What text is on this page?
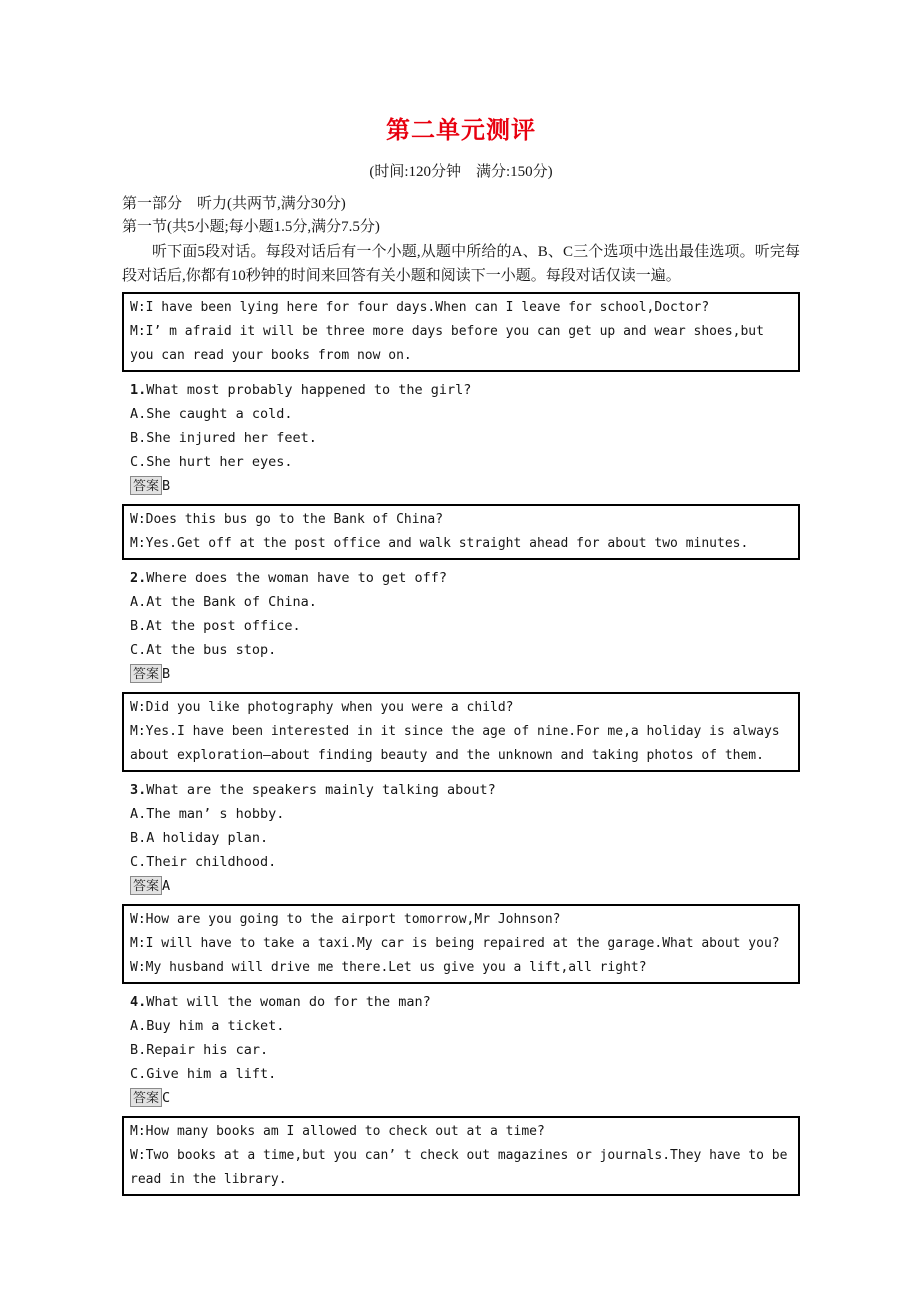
第二单元测评

(时间:120分钟　满分:150分)

第一部分　听力(共两节,满分30分)

第一节(共5小题;每小题1.5分,满分7.5分)

听下面5段对话。每段对话后有一个小题,从题中所给的A、B、C三个选项中选出最佳选项。听完每段对话后,你都有10秒钟的时间来回答有关小题和阅读下一小题。每段对话仅读一遍。

W:I have been lying here for four days.When can I leave for school,Doctor?

M:I’ m afraid it will be three more days before you can get up and wear shoes,but you can read your books from now on.

1.What most probably happened to the girl?

A.She caught a cold.

B.She injured her feet.

C.She hurt her eyes.

答案 B

W:Does this bus go to the Bank of China?

M:Yes.Get off at the post office and walk straight ahead for about two minutes.

2.Where does the woman have to get off?

A.At the Bank of China.

B.At the post office.

C.At the bus stop.

答案 B

W:Did you like photography when you were a child?

M:Yes.I have been interested in it since the age of nine.For me,a holiday is always about exploration—about finding beauty and the unknown and taking photos of them.

3.What are the speakers mainly talking about?

A.The man’ s hobby.

B.A holiday plan.

C.Their childhood.

答案 A

W:How are you going to the airport tomorrow,Mr Johnson?

M:I will have to take a taxi.My car is being repaired at the garage.What about you?

W:My husband will drive me there.Let us give you a lift,all right?

4.What will the woman do for the man?

A.Buy him a ticket.

B.Repair his car.

C.Give him a lift.

答案 C

M:How many books am I allowed to check out at a time?

W:Two books at a time,but you can’ t check out magazines or journals.They have to be read in the library.
